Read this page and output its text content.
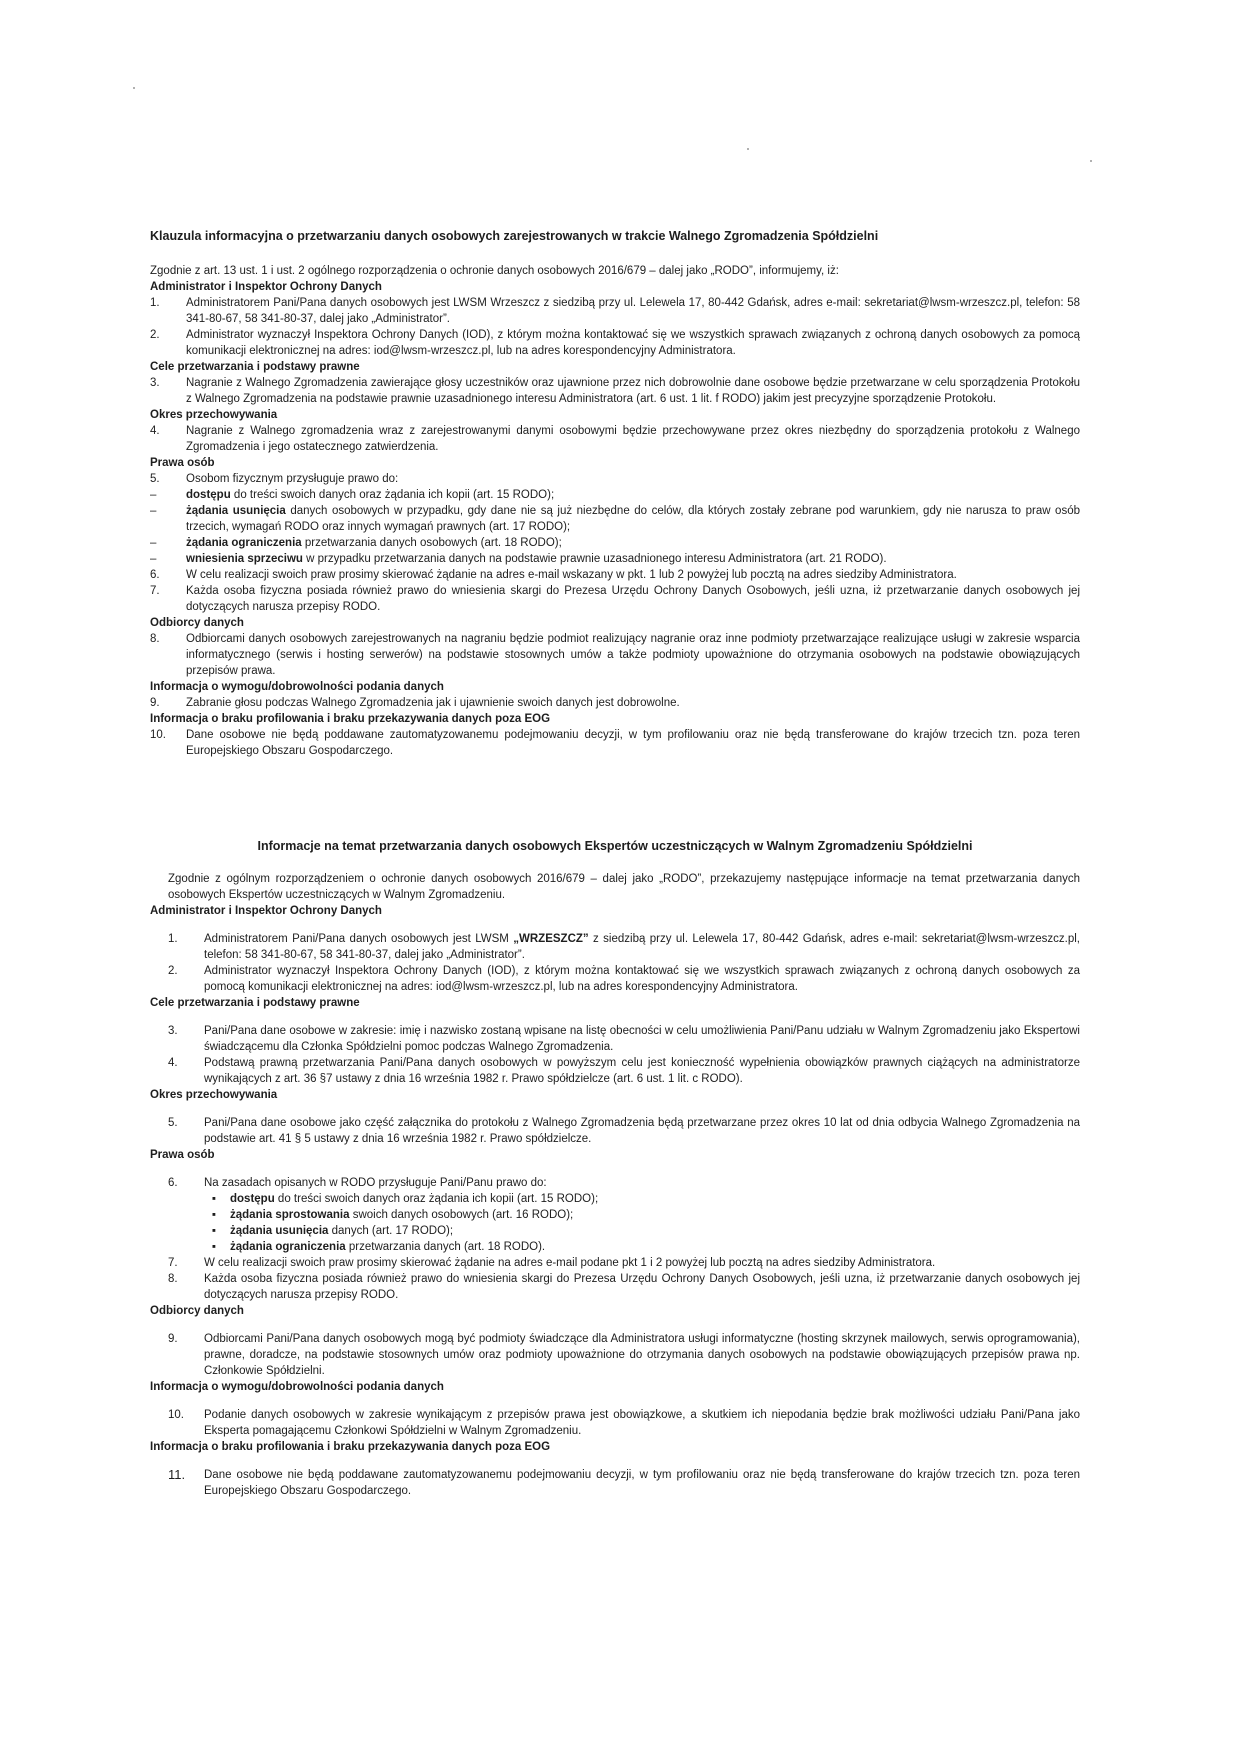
Klauzula informacyjna o przetwarzaniu danych osobowych zarejestrowanych w trakcie Walnego Zgromadzenia Spółdzielni
Zgodnie z art. 13 ust. 1 i ust. 2 ogólnego rozporządzenia o ochronie danych osobowych 2016/679 – dalej jako „RODO”, informujemy, iż:
Administrator i Inspektor Ochrony Danych
1.	Administratorem Pani/Pana danych osobowych jest LWSM Wrzeszcz z siedzibą przy ul. Lelewela 17, 80-442 Gdańsk, adres e-mail: sekretariat@lwsm-wrzeszcz.pl, telefon: 58 341-80-67, 58 341-80-37, dalej jako „Administrator”.
2.	Administrator wyznaczył Inspektora Ochrony Danych (IOD), z którym można kontaktować się we wszystkich sprawach związanych z ochroną danych osobowych za pomocą komunikacji elektronicznej na adres: iod@lwsm-wrzeszcz.pl, lub na adres korespondencyjny Administratora.
Cele przetwarzania i podstawy prawne
3.	Nagranie z Walnego Zgromadzenia zawierające głosy uczestników oraz ujawnione przez nich dobrowolnie dane osobowe będzie przetwarzane w celu sporządzenia Protokołu z Walnego Zgromadzenia na podstawie prawnie uzasadnionego interesu Administratora (art. 6 ust. 1 lit. f RODO) jakim jest precyzyjne sporządzenie Protokołu.
Okres przechowywania
4.	Nagranie z Walnego zgromadzenia wraz z zarejestrowanymi danymi osobowymi będzie przechowywane przez okres niezbędny do sporządzenia protokołu z Walnego Zgromadzenia i jego ostatecznego zatwierdzenia.
Prawa osób
5.	Osobom fizycznym przysługuje prawo do:
–	dostępu do treści swoich danych oraz żądania ich kopii (art. 15 RODO);
–	żądania usunięcia danych osobowych w przypadku, gdy dane nie są już niezbędne do celów, dla których zostały zebrane pod warunkiem, gdy nie narusza to praw osób trzecich, wymagań RODO oraz innych wymagań prawnych (art. 17 RODO);
–	żądania ograniczenia przetwarzania danych osobowych (art. 18 RODO);
–	wniesienia sprzeciwu w przypadku przetwarzania danych na podstawie prawnie uzasadnionego interesu Administratora (art. 21 RODO).
6.	W celu realizacji swoich praw prosimy skierować żądanie na adres e-mail wskazany w pkt. 1 lub 2 powyżej lub pocztą na adres siedziby Administratora.
7.	Każda osoba fizyczna posiada również prawo do wniesienia skargi do Prezesa Urzędu Ochrony Danych Osobowych, jeśli uzna, iż przetwarzanie danych osobowych jej dotyczących narusza przepisy RODO.
Odbiorcy danych
8.	Odbiorcami danych osobowych zarejestrowanych na nagraniu będzie podmiot realizujący nagranie oraz inne podmioty przetwarzające realizujące usługi w zakresie wsparcia informatycznego (serwis i hosting serwerów) na podstawie stosownych umów a także podmioty upoważnione do otrzymania osobowych na podstawie obowiązujących przepisów prawa.
Informacja o wymogu/dobrowolności podania danych
9.	Zabranie głosu podczas Walnego Zgromadzenia jak i ujawnienie swoich danych jest dobrowolne.
Informacja o braku profilowania i braku przekazywania danych poza EOG
10.	Dane osobowe nie będą poddawane zautomatyzowanemu podejmowaniu decyzji, w tym profilowaniu oraz nie będą transferowane do krajów trzecich tzn. poza teren Europejskiego Obszaru Gospodarczego.
Informacje na temat przetwarzania danych osobowych Ekspertów uczestniczących w Walnym Zgromadzeniu Spółdzielni
Zgodnie z ogólnym rozporządzeniem o ochronie danych osobowych 2016/679 – dalej jako „RODO”, przekazujemy następujące informacje na temat przetwarzania danych osobowych Ekspertów uczestniczących w Walnym Zgromadzeniu.
Administrator i Inspektor Ochrony Danych
1.	Administratorem Pani/Pana danych osobowych jest LWSM „WRZESZCZ” z siedzibą przy ul. Lelewela 17, 80-442 Gdańsk, adres e-mail: sekretariat@lwsm-wrzeszcz.pl, telefon: 58 341-80-67, 58 341-80-37, dalej jako „Administrator”.
2.	Administrator wyznaczył Inspektora Ochrony Danych (IOD), z którym można kontaktować się we wszystkich sprawach związanych z ochroną danych osobowych za pomocą komunikacji elektronicznej na adres: iod@lwsm-wrzeszcz.pl, lub na adres korespondencyjny Administratora.
Cele przetwarzania i podstawy prawne
3.	Pani/Pana dane osobowe w zakresie: imię i nazwisko zostaną wpisane na listę obecności w celu umożliwienia Pani/Panu udziału w Walnym Zgromadzeniu jako Ekspertowi świadczącemu dla Członka Spółdzielni pomoc podczas Walnego Zgromadzenia.
4.	Podstawą prawną przetwarzania Pani/Pana danych osobowych w powyższym celu jest konieczność wypełnienia obowiązków prawnych ciążących na administratorze wynikających z art. 36 §7 ustawy z dnia 16 września 1982 r. Prawo spółdzielcze (art. 6 ust. 1 lit. c RODO).
Okres przechowywania
5.	Pani/Pana dane osobowe jako część załącznika do protokołu z Walnego Zgromadzenia będą przetwarzane przez okres 10 lat od dnia odbycia Walnego Zgromadzenia na podstawie art. 41 § 5 ustawy z dnia 16 września 1982 r. Prawo spółdzielcze.
Prawa osób
6.	Na zasadach opisanych w RODO przysługuje Pani/Panu prawo do:
▪	dostępu do treści swoich danych oraz żądania ich kopii (art. 15 RODO);
▪	żądania sprostowania swoich danych osobowych (art. 16 RODO);
▪	żądania usunięcia danych (art. 17 RODO);
▪	żądania ograniczenia przetwarzania danych (art. 18 RODO).
7.	W celu realizacji swoich praw prosimy skierować żądanie na adres e-mail podane pkt 1 i 2 powyżej lub pocztą na adres siedziby Administratora.
8.	Każda osoba fizyczna posiada również prawo do wniesienia skargi do Prezesa Urzędu Ochrony Danych Osobowych, jeśli uzna, iż przetwarzanie danych osobowych jej dotyczących narusza przepisy RODO.
Odbiorcy danych
9.	Odbiorcami Pani/Pana danych osobowych mogą być podmioty świadczące dla Administratora usługi informatyczne (hosting skrzynek mailowych, serwis oprogramowania), prawne, doradcze, na podstawie stosownych umów oraz podmioty upoważnione do otrzymania danych osobowych na podstawie obowiązujących przepisów prawa np. Członkowie Spółdzielni.
Informacja o wymogu/dobrowolności podania danych
10.	Podanie danych osobowych w zakresie wynikającym z przepisów prawa jest obowiązkowe, a skutkiem ich niepodania będzie brak możliwości udziału Pani/Pana jako Eksperta pomagającemu Członkowi Spółdzielni w Walnym Zgromadzeniu.
Informacja o braku profilowania i braku przekazywania danych poza EOG
11.	Dane osobowe nie będą poddawane zautomatyzowanemu podejmowaniu decyzji, w tym profilowaniu oraz nie będą transferowane do krajów trzecich tzn. poza teren Europejskiego Obszaru Gospodarczego.
